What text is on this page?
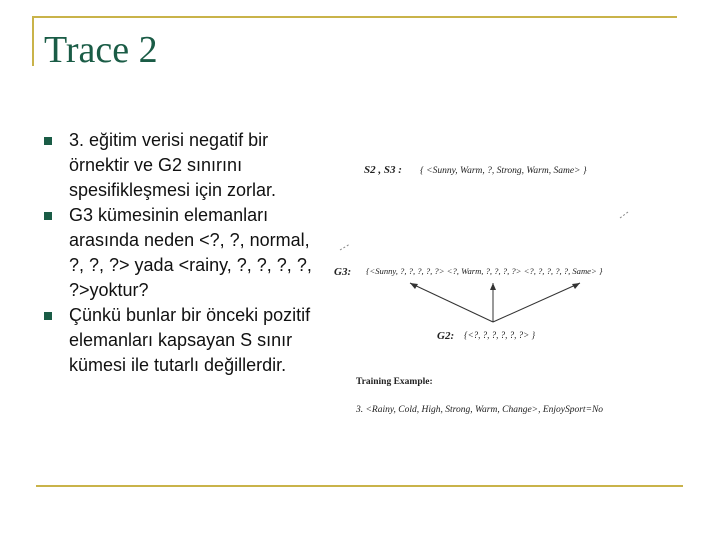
Trace 2
3. eğitim verisi negatif bir örnektir ve G2 sınırını spesifikleşmesi için zorlar.
G3 kümesinin elemanları arasında neden <?, ?, normal, ?, ?, ?> yada <rainy, ?, ?, ?, ?, ?>yoktur?
Çünkü bunlar bir önceki pozitif elemanları kapsayan S sınır kümesi ile tutarlı değillerdir.
S2 , S3 : { <Sunny, Warm, ?, Strong, Warm, Same> }
G3: {<Sunny, ?, ?, ?, ?, ?> <?, Warm, ?, ?, ?, ?> <?, ?, ?, ?, ?, Same> }
G2: {<?, ?, ?, ?, ?, ?> }
Training Example:
3. <Rainy, Cold, High, Strong, Warm, Change>, EnjoySport=No
